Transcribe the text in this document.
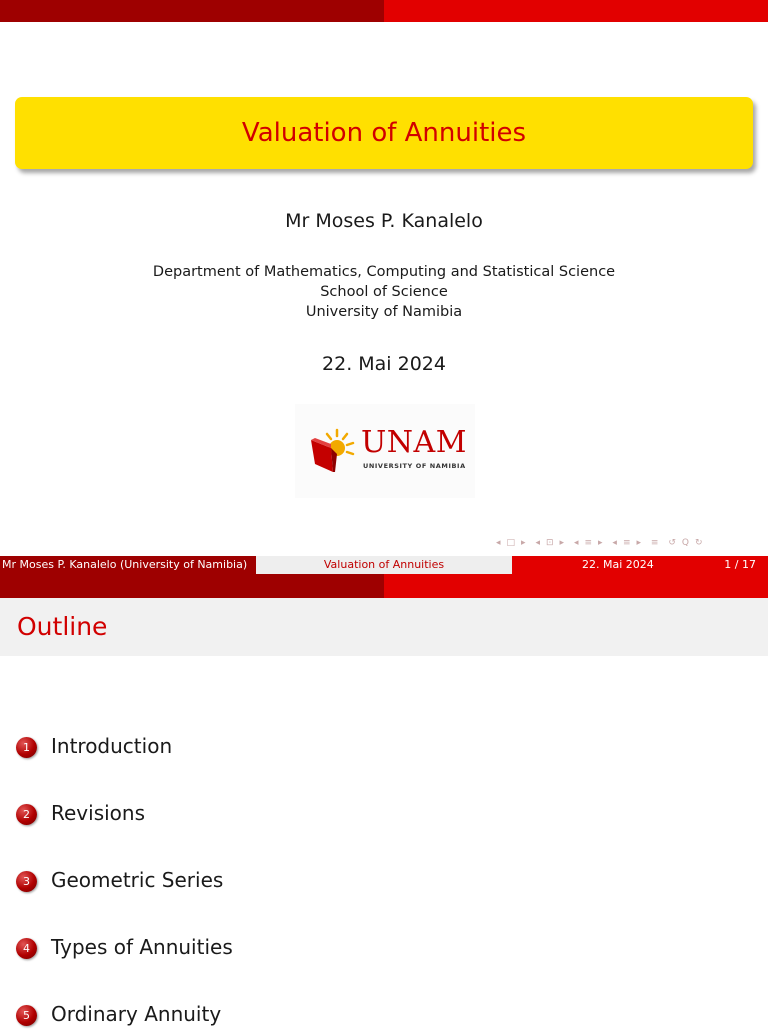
Valuation of Annuities
Mr Moses P. Kanalelo
Department of Mathematics, Computing and Statistical Science
School of Science
University of Namibia
22. Mai 2024
UNAM
UNIVERSITY OF NAMIBIA
◂ □ ▸ ◂ ⊡ ▸ ◂ ≡ ▸ ◂ ≡ ▸ ≡ ↺ Q ↻
Mr Moses P. Kanalelo (University of Namibia)	Valuation of Annuities	22. Mai 2024	1 / 17
Outline
1	Introduction
2	Revisions
3	Geometric Series
4	Types of Annuities
5	Ordinary Annuity
